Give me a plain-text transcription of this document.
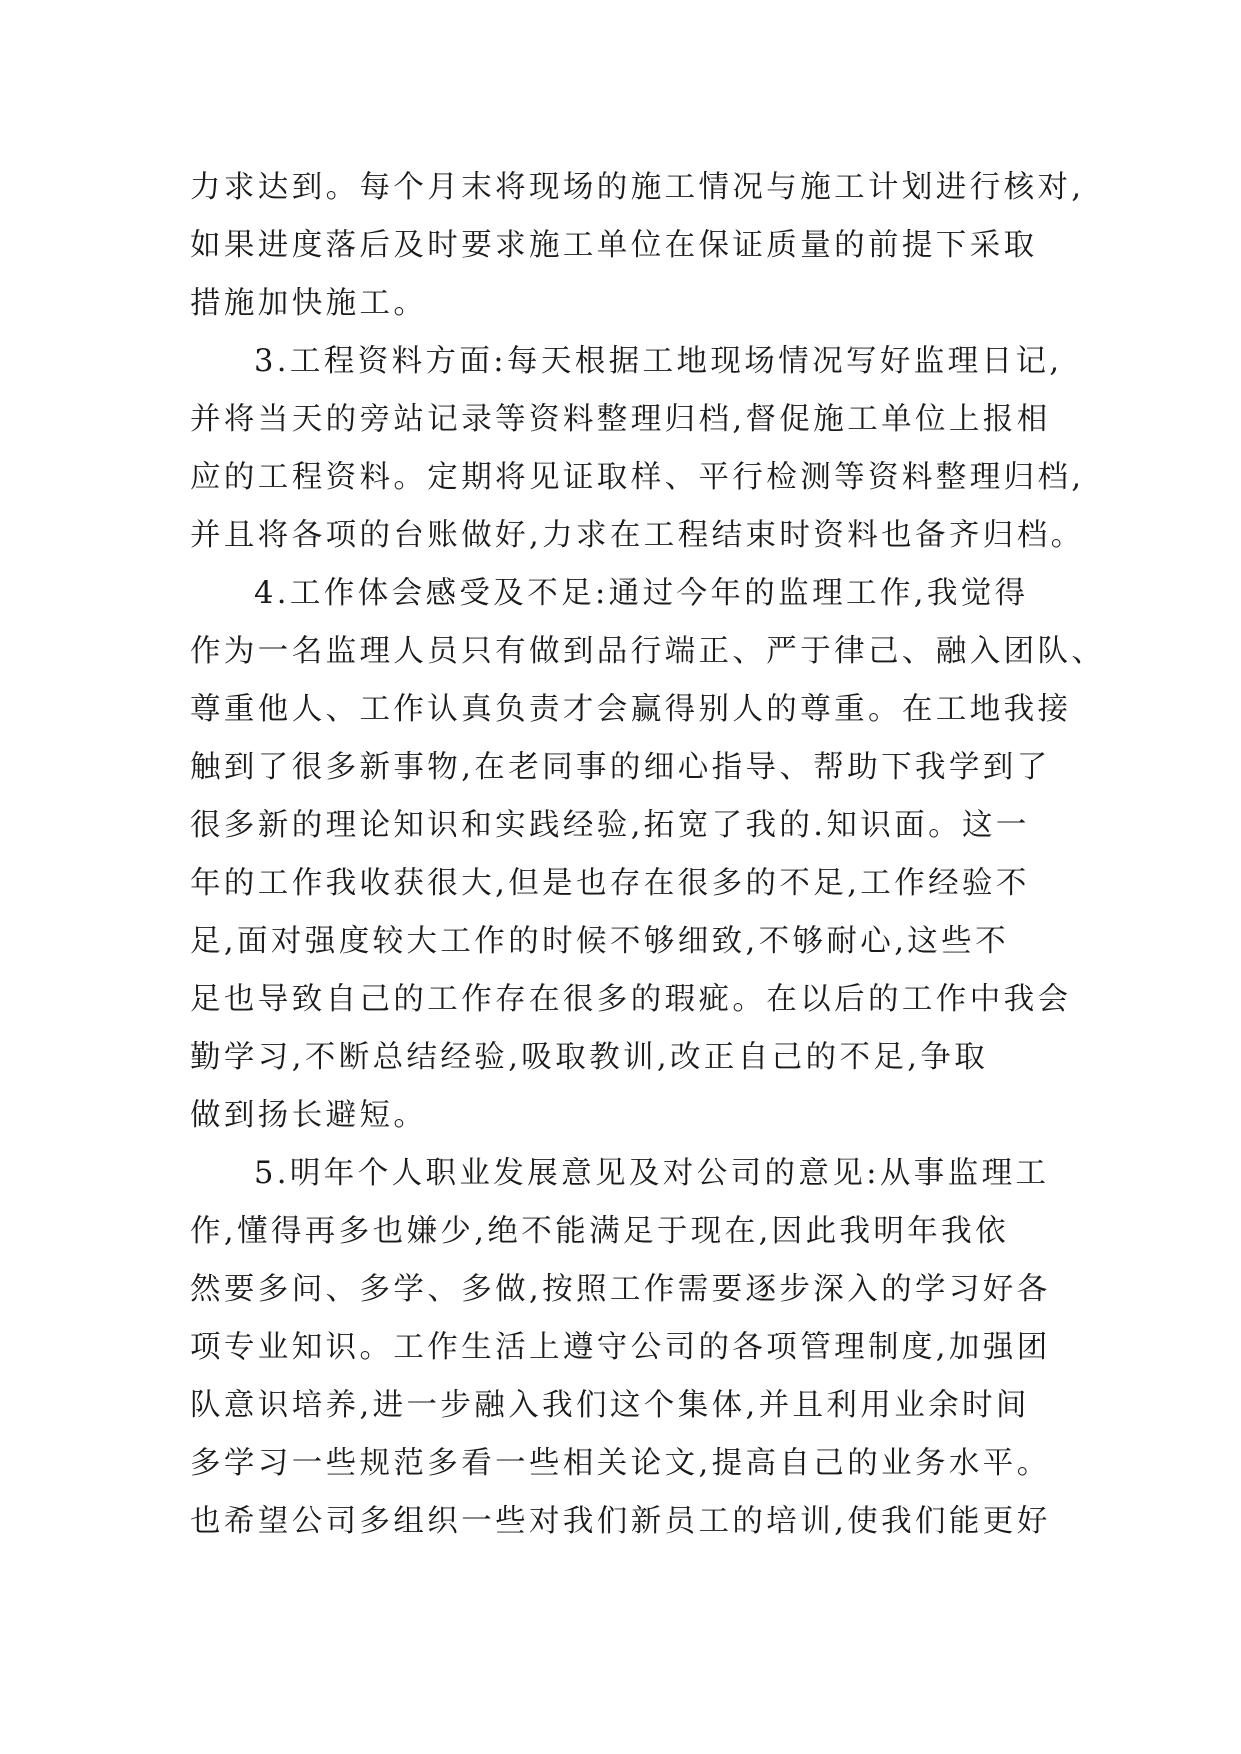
力求达到。每个月末将现场的施工情况与施工计划进行核对,
如果进度落后及时要求施工单位在保证质量的前提下采取
措施加快施工。
3.工程资料方面:每天根据工地现场情况写好监理日记,
并将当天的旁站记录等资料整理归档,督促施工单位上报相
应的工程资料。定期将见证取样、平行检测等资料整理归档,
并且将各项的台账做好,力求在工程结束时资料也备齐归档。
4.工作体会感受及不足:通过今年的监理工作,我觉得
作为一名监理人员只有做到品行端正、严于律己、融入团队、
尊重他人、工作认真负责才会赢得别人的尊重。在工地我接
触到了很多新事物,在老同事的细心指导、帮助下我学到了
很多新的理论知识和实践经验,拓宽了我的.知识面。这一
年的工作我收获很大,但是也存在很多的不足,工作经验不
足,面对强度较大工作的时候不够细致,不够耐心,这些不
足也导致自己的工作存在很多的瑕疵。在以后的工作中我会
勤学习,不断总结经验,吸取教训,改正自己的不足,争取
做到扬长避短。
5.明年个人职业发展意见及对公司的意见:从事监理工
作,懂得再多也嫌少,绝不能满足于现在,因此我明年我依
然要多问、多学、多做,按照工作需要逐步深入的学习好各
项专业知识。工作生活上遵守公司的各项管理制度,加强团
队意识培养,进一步融入我们这个集体,并且利用业余时间
多学习一些规范多看一些相关论文,提高自己的业务水平。
也希望公司多组织一些对我们新员工的培训,使我们能更好
